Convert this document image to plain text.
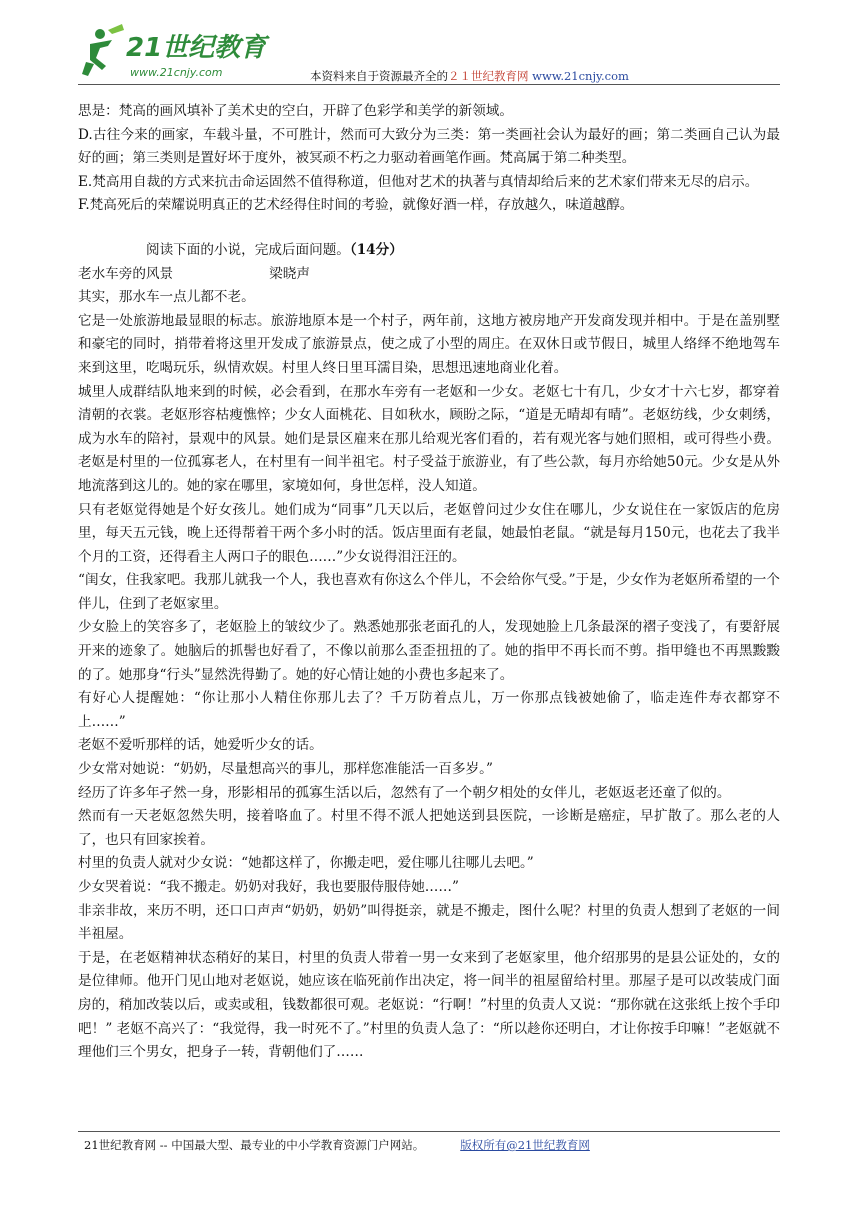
21世纪教育
www.21cnjy.com	本资料来自于资源最齐全的２１世纪教育网 www.21cnjy.com

思是：梵高的画风填补了美术史的空白，开辟了色彩学和美学的新领域。

D.古往今来的画家，车载斗量，不可胜计，然而可大致分为三类：第一类画社会认为最好的画；第二类画自己认为最好的画；第三类则是置好坏于度外，被冥顽不朽之力驱动着画笔作画。梵高属于第二种类型。

E.梵高用自裁的方式来抗击命运固然不值得称道，但他对艺术的执著与真情却给后来的艺术家们带来无尽的启示。

F.梵高死后的荣耀说明真正的艺术经得住时间的考验，就像好酒一样，存放越久，味道越醇。

阅读下面的小说，完成后面问题。（14分）

老水车旁的风景	梁晓声

其实，那水车一点儿都不老。

它是一处旅游地最显眼的标志。旅游地原本是一个村子，两年前，这地方被房地产开发商发现并相中。于是在盖别墅和豪宅的同时，捎带着将这里开发成了旅游景点，使之成了小型的周庄。在双休日或节假日，城里人络绎不绝地驾车来到这里，吃喝玩乐，纵情欢娱。村里人终日里耳濡目染，思想迅速地商业化着。

城里人成群结队地来到的时候，必会看到，在那水车旁有一老妪和一少女。老妪七十有几，少女才十六七岁，都穿着清朝的衣裳。老妪形容枯瘦憔悴；少女人面桃花、目如秋水，顾盼之际，“道是无晴却有晴”。老妪纺线，少女刺绣，成为水车的陪衬，景观中的风景。她们是景区雇来在那儿给观光客们看的，若有观光客与她们照相，或可得些小费。老妪是村里的一位孤寡老人，在村里有一间半祖宅。村子受益于旅游业，有了些公款，每月亦给她50元。少女是从外地流落到这儿的。她的家在哪里，家境如何，身世怎样，没人知道。

只有老妪觉得她是个好女孩儿。她们成为“同事”几天以后，老妪曾问过少女住在哪儿，少女说住在一家饭店的危房里，每天五元钱，晚上还得帮着干两个多小时的活。饭店里面有老鼠，她最怕老鼠。“就是每月150元，也花去了我半个月的工资，还得看主人两口子的眼色……”少女说得泪汪汪的。

“闺女，住我家吧。我那儿就我一个人，我也喜欢有你这么个伴儿，不会给你气受。”于是，少女作为老妪所希望的一个伴儿，住到了老妪家里。

少女脸上的笑容多了，老妪脸上的皱纹少了。熟悉她那张老面孔的人，发现她脸上几条最深的褶子变浅了，有要舒展开来的迹象了。她脑后的抓髻也好看了，不像以前那么歪歪扭扭的了。她的指甲不再长而不剪。指甲缝也不再黑黢黢的了。她那身“行头”显然洗得勤了。她的好心情让她的小费也多起来了。

有好心人提醒她：“你让那小人精住你那儿去了？千万防着点儿，万一你那点钱被她偷了，临走连件寿衣都穿不上……”

老妪不爱听那样的话，她爱听少女的话。

少女常对她说：“奶奶，尽量想高兴的事儿，那样您准能活一百多岁。”

经历了许多年孑然一身，形影相吊的孤寡生活以后，忽然有了一个朝夕相处的女伴儿，老妪返老还童了似的。

然而有一天老妪忽然失明，接着咯血了。村里不得不派人把她送到县医院，一诊断是癌症，早扩散了。那么老的人了，也只有回家挨着。

村里的负责人就对少女说：“她都这样了，你搬走吧，爱住哪儿往哪儿去吧。”

少女哭着说：“我不搬走。奶奶对我好，我也要服侍服侍她……”

非亲非故，来历不明，还口口声声“奶奶，奶奶”叫得挺亲，就是不搬走，图什么呢？村里的负责人想到了老妪的一间半祖屋。

于是，在老妪精神状态稍好的某日，村里的负责人带着一男一女来到了老妪家里，他介绍那男的是县公证处的，女的是位律师。他开门见山地对老妪说，她应该在临死前作出决定，将一间半的祖屋留给村里。那屋子是可以改装成门面房的，稍加改装以后，或卖或租，钱数都很可观。老妪说：“行啊！”村里的负责人又说：“那你就在这张纸上按个手印吧！” 老妪不高兴了：“我觉得，我一时死不了。”村里的负责人急了：“所以趁你还明白，才让你按手印嘛！”老妪就不理他们三个男女，把身子一转，背朝他们了……

21世纪教育网 -- 中国最大型、最专业的中小学教育资源门户网站。	版权所有@21世纪教育网
